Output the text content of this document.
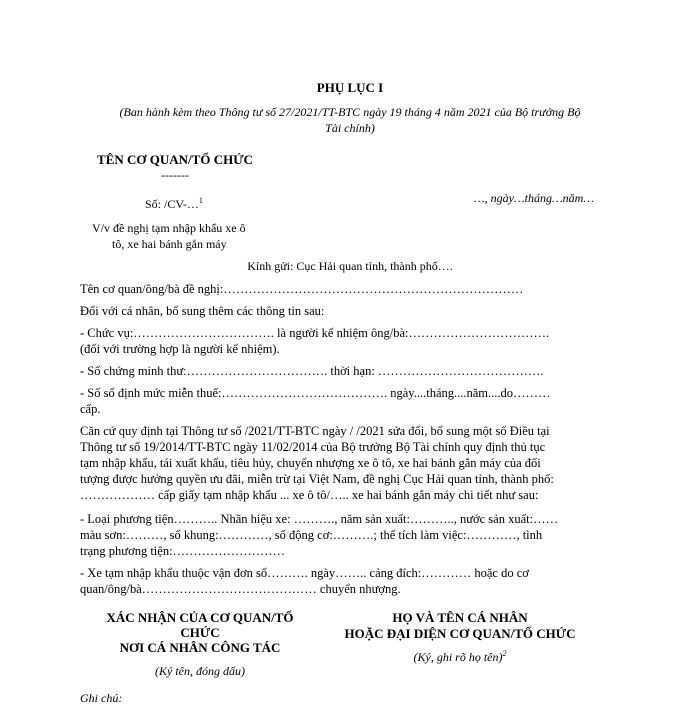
PHỤ LỤC I
(Ban hành kèm theo Thông tư số 27/2021/TT-BTC ngày 19 tháng 4 năm 2021 của Bộ trưởng Bộ
Tài chính)
TÊN CƠ QUAN/TỔ CHỨC
-------
Số: /CV-…$^1$	…, ngày…tháng…năm…
V/v đề nghị tạm nhập khẩu xe ô
tô, xe hai bánh gắn máy
Kính gửi: Cục Hải quan tỉnh, thành phố….
Tên cơ quan/ông/bà đề nghị:………………………………………………………………
Đối với cá nhân, bổ sung thêm các thông tin sau:
- Chức vụ:……………………………. là người kế nhiệm ông/bà:…………………………….
(đối với trường hợp là người kế nhiệm).
- Số chứng minh thư:……………………………. thời hạn: ………………………………….
- Số sổ định mức miễn thuế:…………………………………. ngày....tháng....năm....do………
cấp.
Căn cứ quy định tại Thông tư số /2021/TT-BTC ngày / /2021 sửa đổi, bổ sung một số Điều tại
Thông tư số 19/2014/TT-BTC ngày 11/02/2014 của Bộ trưởng Bộ Tài chính quy định thủ tục
tạm nhập khẩu, tái xuất khẩu, tiêu hủy, chuyển nhượng xe ô tô, xe hai bánh gắn máy của đối
tượng được hưởng quyền ưu đãi, miễn trừ tại Việt Nam, đề nghị Cục Hải quan tỉnh, thành phố:
……………… cấp giấy tạm nhập khẩu ... xe ô tô/….. xe hai bánh gắn máy chi tiết như sau:
- Loại phương tiện……….. Nhãn hiệu xe: ………., năm sản xuất:……….., nước sản xuất:……
màu sơn:………, số khung:…………, số động cơ:……….; thể tích làm việc:…………, tình
trạng phương tiện:………………………
- Xe tạm nhập khẩu thuộc vận đơn số………. ngày…….. cảng đích:………… hoặc do cơ
quan/ông/bà…………………………………… chuyển nhượng.
XÁC NHẬN CỦA CƠ QUAN/TỔ
CHỨC
NƠI CÁ NHÂN CÔNG TÁC
(Ký tên, đóng dấu)
HỌ VÀ TÊN CÁ NHÂN
HOẶC ĐẠI DIỆN CƠ QUAN/TỔ CHỨC
(Ký, ghi rõ họ tên)$^2$
Ghi chú:
